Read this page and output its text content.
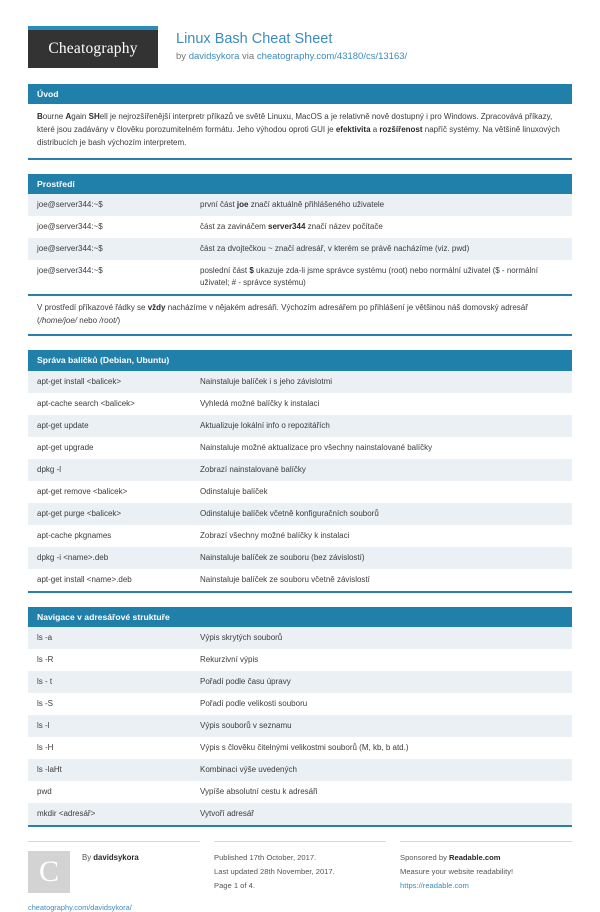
Cheatography
Linux Bash Cheat Sheet
by davidsykora via cheatography.com/43180/cs/13163/
Úvod
Bourne Again SHell je nejrozšířenější interpretr příkazů ve světě Linuxu, MacOS a je relativně nově dostupný i pro Windows. Zpracovává příkazy, které jsou zadávány v člověku porozumitelném formátu. Jeho výhodou oproti GUI je efektivita a rozšířenost napříč systémy. Na většině linuxových distribucích je bash výchozím interpretem.
Prostředí
joe@server344:~$	první část joe značí aktuálně přihlášeného uživatele
joe@server344:~$	část za zavináčem server344 značí název počítače
joe@server344:~$	část za dvojtečkou ~ značí adresář, v kterém se právě nacházíme (viz. pwd)
joe@server344:~$	poslední část $ ukazuje zda-li jsme správce systému (root) nebo normální uživatel ($ - normální uživatel; # - správce systému)
V prostředí příkazové řádky se vždy nacházíme v nějakém adresáři. Výchozím adresářem po přihlášení je většinou náš domovský adresář (/home/joe/ nebo /root/)
Správa balíčků (Debian, Ubuntu)
apt-get install <balicek>	Nainstaluje balíček i s jeho závislotmi
apt-cache search <balicek>	Vyhledá možné balíčky k instalaci
apt-get update	Aktualizuje lokální info o repozitářích
apt-get upgrade	Nainstaluje možné aktualizace pro všechny nainstalované balíčky
dpkg -l	Zobrazí nainstalované balíčky
apt-get remove <balicek>	Odinstaluje balíček
apt-get purge <balicek>	Odinstaluje balíček včetně konfiguračních souborů
apt-cache pkgnames	Zobrazí všechny možné balíčky k instalaci
dpkg -i <name>.deb	Nainstaluje balíček ze souboru (bez závislostí)
apt-get install <name>.deb	Nainstaluje balíček ze souboru včetně závislostí
Navigace v adresářové struktuře
ls -a	Výpis skrytých souborů
ls -R	Rekurzivní výpis
ls - t	Pořadí podle času úpravy
ls -S	Pořadí podle velikosti souboru
ls -l	Výpis souborů v seznamu
ls -H	Výpis s člověku čitelnými velikostmi souborů (M, kb, b atd.)
ls -laHt	Kombinaci výše uvedených
pwd	Vypíše absolutní cestu k adresáři
mkdir <adresář>	Vytvoří adresář
C	By davidsykora
cheatography.com/davidsykora/
Published 17th October, 2017.
Last updated 28th November, 2017.
Page 1 of 4.
Sponsored by Readable.com
Measure your website readability!
https://readable.com
